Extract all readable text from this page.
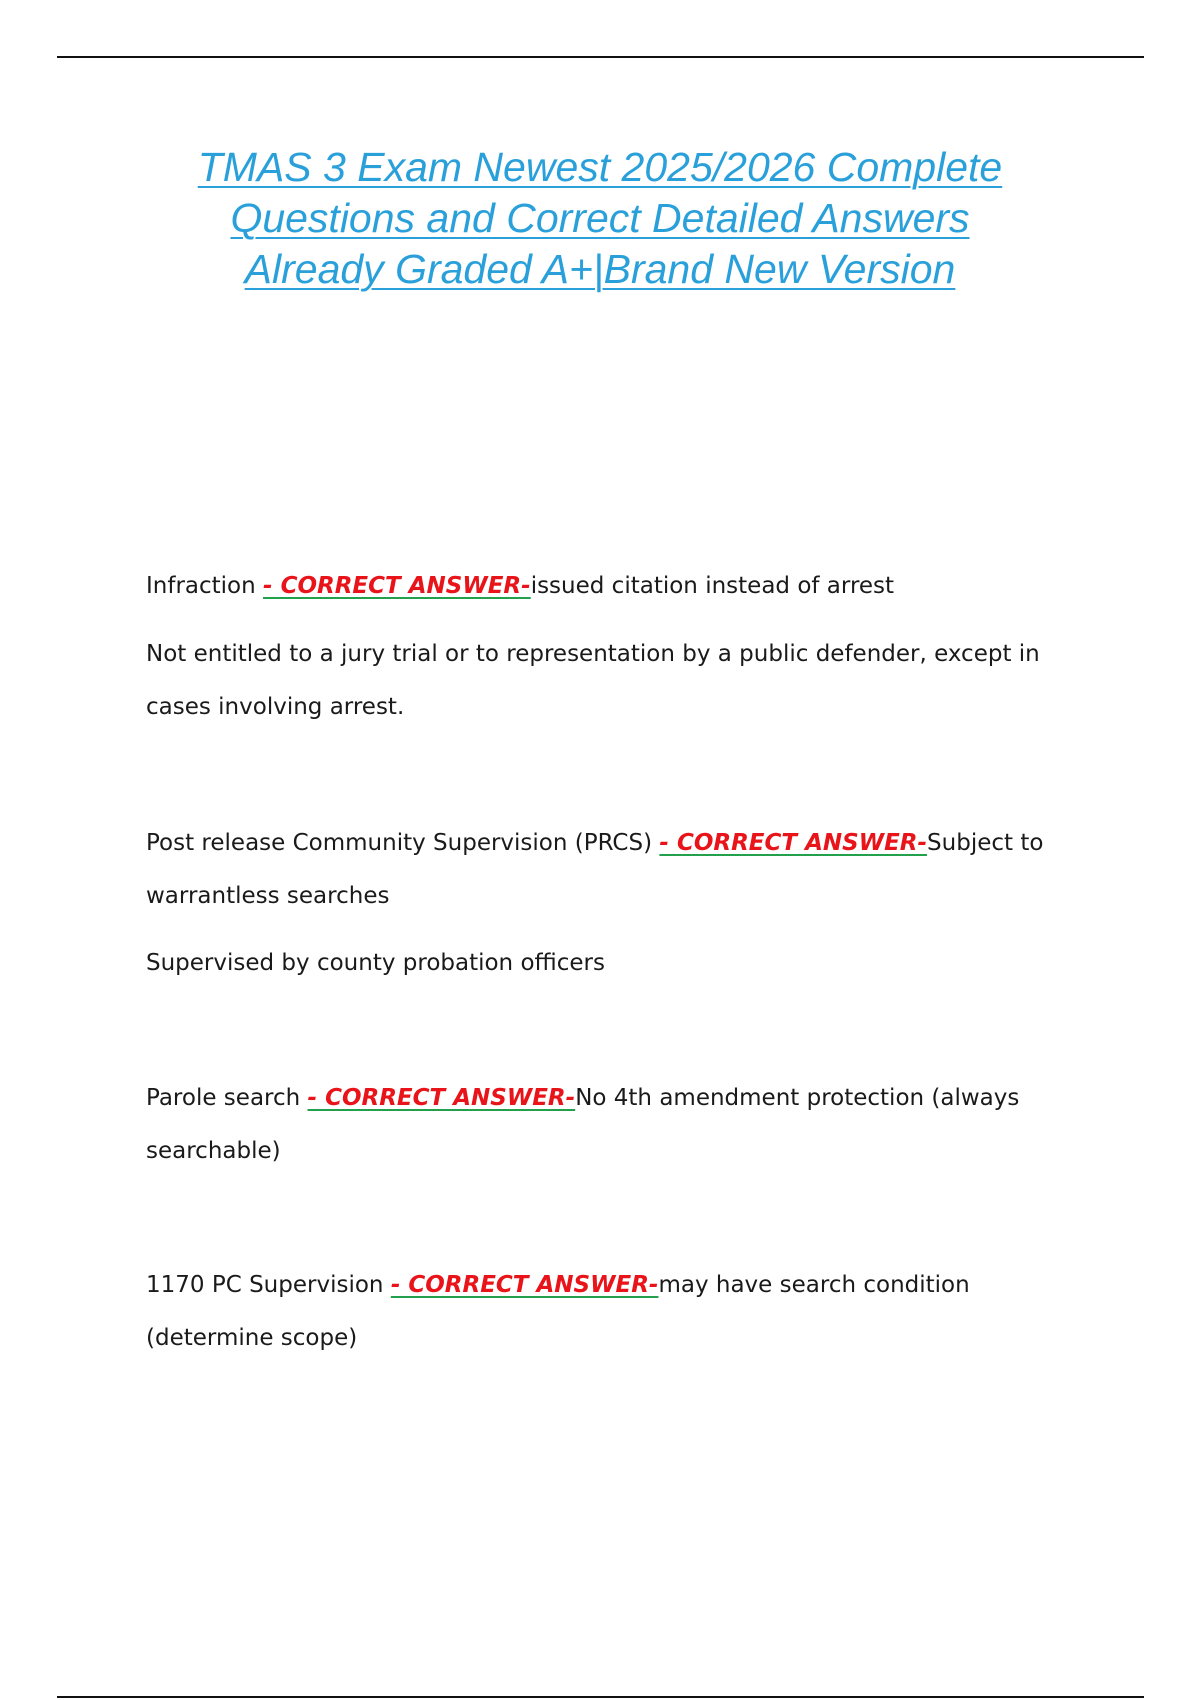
TMAS 3 Exam Newest 2025/2026 Complete
Questions and Correct Detailed Answers
Already Graded A+|Brand New Version
Infraction - CORRECT ANSWER-issued citation instead of arrest
Not entitled to a jury trial or to representation by a public defender, except in cases involving arrest.
Post release Community Supervision (PRCS) - CORRECT ANSWER-Subject to warrantless searches
Supervised by county probation officers
Parole search - CORRECT ANSWER-No 4th amendment protection (always searchable)
1170 PC Supervision - CORRECT ANSWER-may have search condition (determine scope)
